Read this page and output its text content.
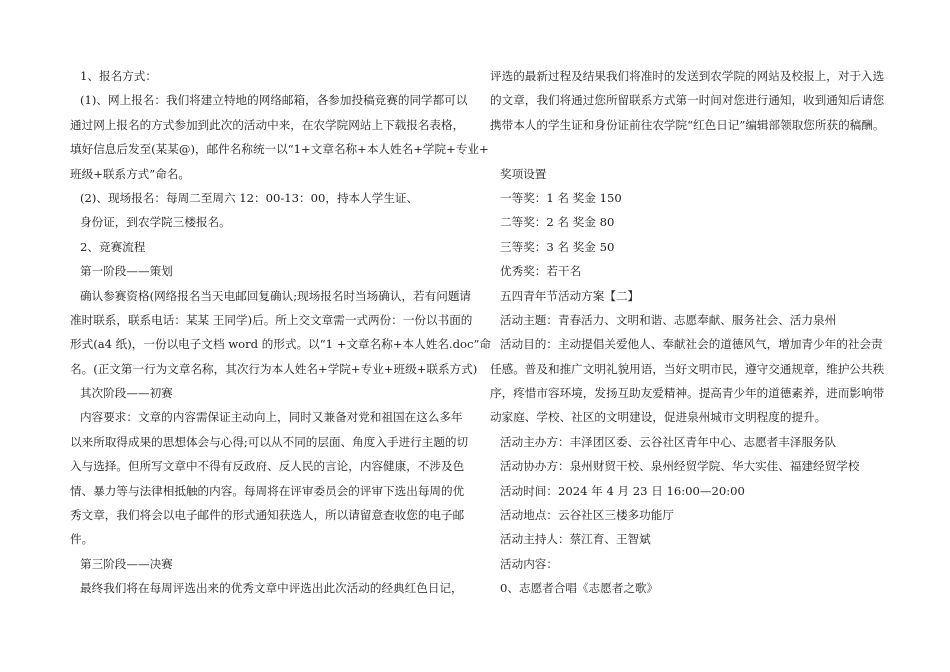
1、报名方式：
(1)、网上报名：我们将建立特地的网络邮箱，各参加投稿竞赛的同学都可以
通过网上报名的方式参加到此次的活动中来，在农学院网站上下载报名表格，
填好信息后发至(某某@)，邮件名称统一以“1+文章名称+本人姓名+学院+专业+
班级+联系方式”命名。
(2)、现场报名：每周二至周六 12：00-13：00，持本人学生证、
身份证，到农学院三楼报名。
2、竞赛流程
第一阶段——策划
确认参赛资格(网络报名当天电邮回复确认;现场报名时当场确认，若有问题请
准时联系，联系电话：某某 王同学)后。所上交文章需一式两份：一份以书面的
形式(a4 纸)，一份以电子文档 word 的形式。以“1 +文章名称+本人姓名.doc”命
名。(正文第一行为文章名称，其次行为本人姓名+学院+专业+班级+联系方式)
其次阶段——初赛
内容要求：文章的内容需保证主动向上，同时又兼备对党和祖国在这么多年
以来所取得成果的思想体会与心得;可以从不同的层面、角度入手进行主题的切
入与选择。但所写文章中不得有反政府、反人民的言论，内容健康，不涉及色
情、暴力等与法律相抵触的内容。每周将在评审委员会的评审下选出每周的优
秀文章，我们将会以电子邮件的形式通知获选人，所以请留意查收您的电子邮
件。
第三阶段——决赛
最终我们将在每周评选出来的优秀文章中评选出此次活动的经典红色日记，
评选的最新过程及结果我们将准时的发送到农学院的网站及校报上，对于入选
的文章，我们将通过您所留联系方式第一时间对您进行通知，收到通知后请您
携带本人的学生证和身份证前往农学院“红色日记”编辑部领取您所获的稿酬。
奖项设置
一等奖：1 名 奖金 150
二等奖：2 名 奖金 80
三等奖：3 名 奖金 50
优秀奖：若干名
五四青年节活动方案【二】
活动主题：青春活力、文明和谐、志愿奉献、服务社会、活力泉州
活动目的：主动提倡关爱他人、奉献社会的道德风气，增加青少年的社会责
任感。普及和推广文明礼貌用语，当好文明市民，遵守交通规章，维护公共秩
序，疼惜市容环境，发扬互助友爱精神。提高青少年的道德素养，进而影响带
动家庭、学校、社区的文明建设，促进泉州城市文明程度的提升。
活动主办方：丰泽团区委、云谷社区青年中心、志愿者丰泽服务队
活动协办方：泉州财贸干校、泉州经贸学院、华大实佳、福建经贸学校
活动时间：2024 年 4 月 23 日 16:00—20:00
活动地点：云谷社区三楼多功能厅
活动主持人：蔡江育、王智斌
活动内容：
0、志愿者合唱《志愿者之歌》
